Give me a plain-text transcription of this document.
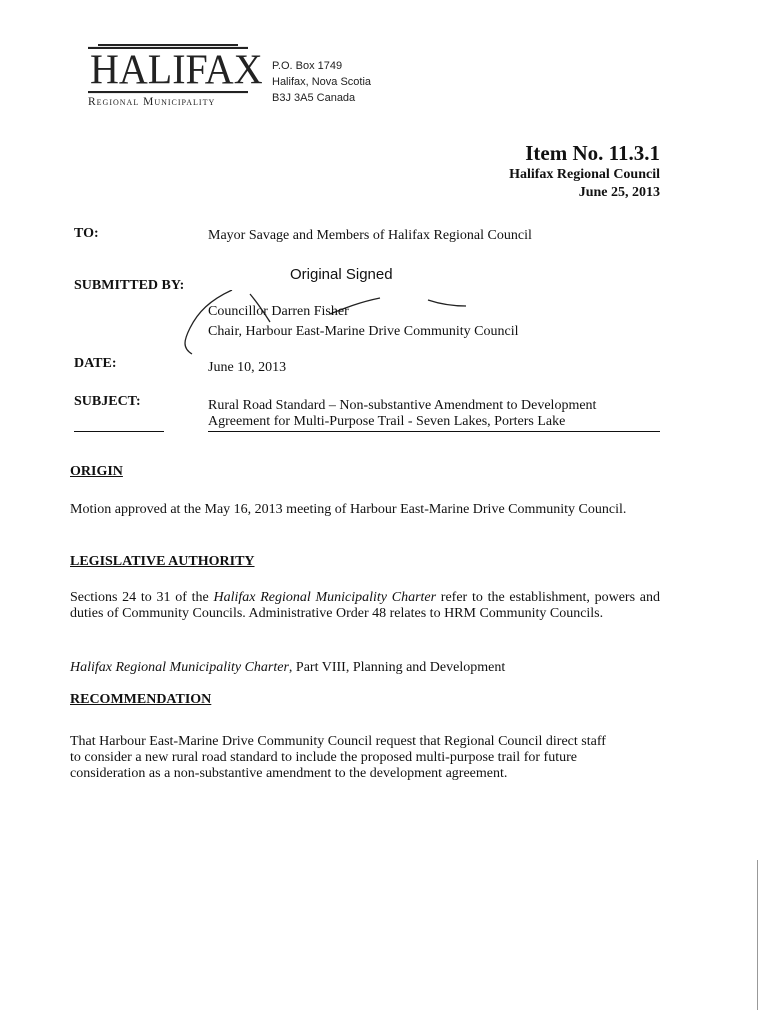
HALIFAX
Regional Municipality
P.O. Box 1749
Halifax, Nova Scotia
B3J 3A5 Canada
Item No. 11.3.1
Halifax Regional Council
June 25, 2013
TO:	Mayor Savage and Members of Halifax Regional Council
SUBMITTED BY:
Original Signed
Councillor Darren Fisher
Chair, Harbour East-Marine Drive Community Council
DATE:	June 10, 2013
SUBJECT:	Rural Road Standard – Non-substantive Amendment to Development
Agreement for Multi-Purpose Trail - Seven Lakes, Porters Lake
ORIGIN
Motion approved at the May 16, 2013 meeting of Harbour East-Marine Drive Community Council.
LEGISLATIVE AUTHORITY
Sections 24 to 31 of the Halifax Regional Municipality Charter refer to the establishment, powers and duties of Community Councils. Administrative Order 48 relates to HRM Community Councils.
Halifax Regional Municipality Charter, Part VIII, Planning and Development
RECOMMENDATION
That Harbour East-Marine Drive Community Council request that Regional Council direct staff
to consider a new rural road standard to include the proposed multi-purpose trail for future
consideration as a non-substantive amendment to the development agreement.
